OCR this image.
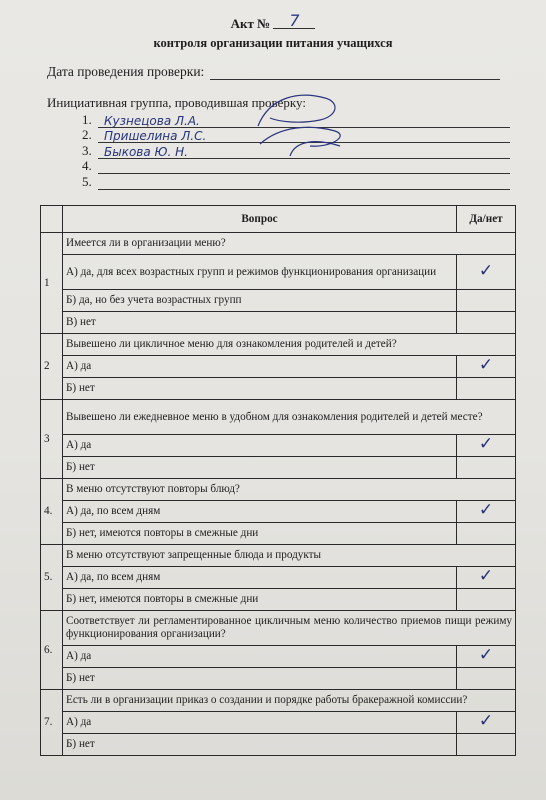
Акт № 7
контроля организации питания учащихся
Дата проведения проверки:
Инициативная группа, проводившая проверку:
1.	Кузнецова Л.А.
2.	Пришелина Л.С.
3.	Быкова Ю. Н.
4.
5.
	Вопрос	Да/нет
1	Имеется ли в организации меню?	
	А) да, для всех возрастных групп и режимов функционирования организации	✓
	Б) да, но без учета возрастных групп	
	В) нет	
2	Вывешено ли цикличное меню для ознакомления родителей и детей?	
	А) да	✓
	Б) нет	
3	Вывешено ли ежедневное меню в удобном для ознакомления родителей и детей месте?	
	А) да	✓
	Б) нет	
4.	В меню отсутствуют повторы блюд?	
	А) да, по всем дням	✓
	Б) нет, имеются повторы в смежные дни	
5.	В меню отсутствуют запрещенные блюда и продукты	
	А) да, по всем дням	✓
	Б) нет, имеются повторы в смежные дни	
6.	Соответствует ли регламентированное цикличным меню количество приемов пищи режиму функционирования организации?	
	А) да	✓
	Б) нет	
7.	Есть ли в организации приказ о создании и порядке работы бракеражной комиссии?	
	А) да	✓
	Б) нет	
